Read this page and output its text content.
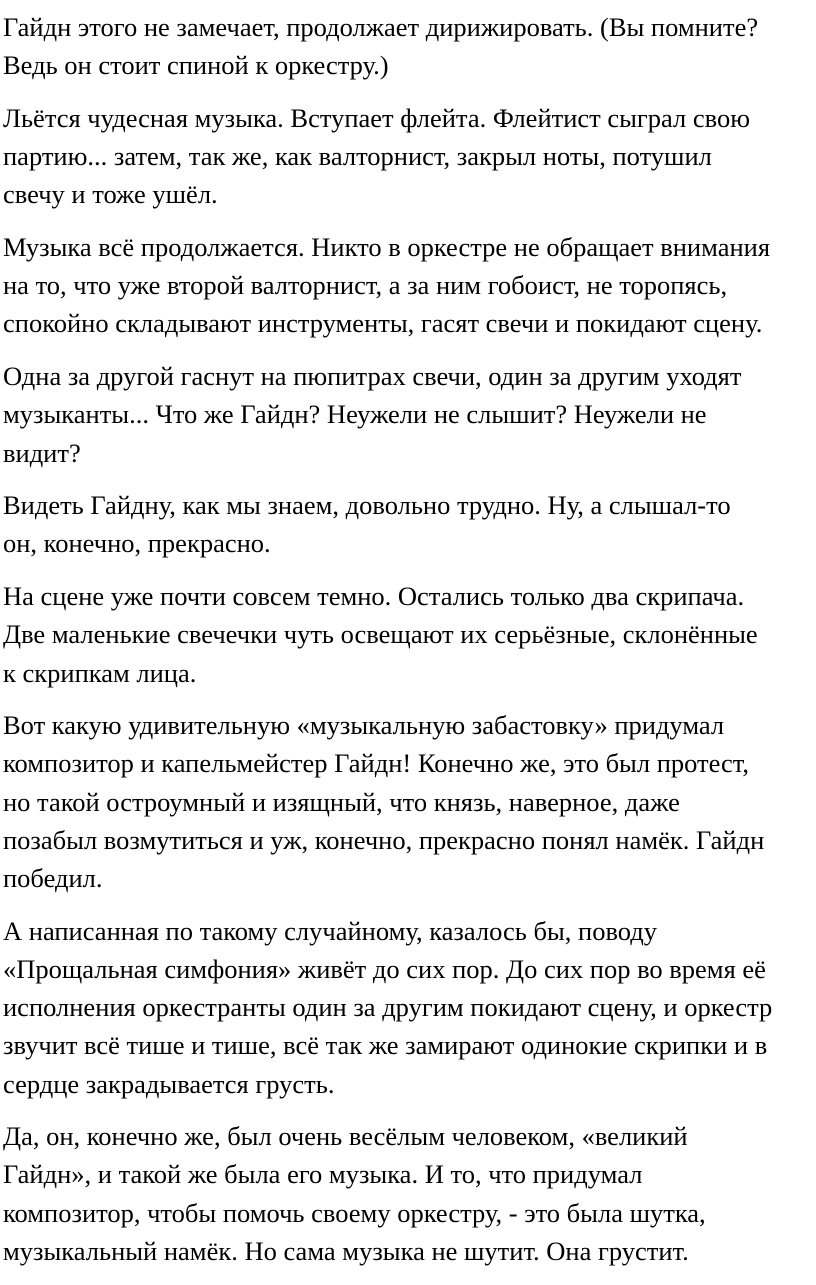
Гайдн этого не замечает, продолжает дирижировать. (Вы помните?
Ведь он стоит спиной к оркестру.)

Льётся чудесная музыка. Вступает флейта. Флейтист сыграл свою
партию... затем, так же, как валторнист, закрыл ноты, потушил
свечу и тоже ушёл.

Музыка всё продолжается. Никто в оркестре не обращает внимания
на то, что уже второй валторнист, а за ним гобоист, не торопясь,
спокойно складывают инструменты, гасят свечи и покидают сцену.

Одна за другой гаснут на пюпитрах свечи, один за другим уходят
музыканты... Что же Гайдн? Неужели не слышит? Неужели не
видит?

Видеть Гайдну, как мы знаем, довольно трудно. Ну, а слышал-то
он, конечно, прекрасно.

На сцене уже почти совсем темно. Остались только два скрипача.
Две маленькие свечечки чуть освещают их серьёзные, склонённые
к скрипкам лица.

Вот какую удивительную «музыкальную забастовку» придумал
композитор и капельмейстер Гайдн! Конечно же, это был протест,
но такой остроумный и изящный, что князь, наверное, даже
позабыл возмутиться и уж, конечно, прекрасно понял намёк. Гайдн
победил.

А написанная по такому случайному, казалось бы, поводу
«Прощальная симфония» живёт до сих пор. До сих пор во время её
исполнения оркестранты один за другим покидают сцену, и оркестр
звучит всё тише и тише, всё так же замирают одинокие скрипки и в
сердце закрадывается грусть.

Да, он, конечно же, был очень весёлым человеком, «великий
Гайдн», и такой же была его музыка. И то, что придумал
композитор, чтобы помочь своему оркестру, - это была шутка,
музыкальный намёк. Но сама музыка не шутит. Она грустит.
